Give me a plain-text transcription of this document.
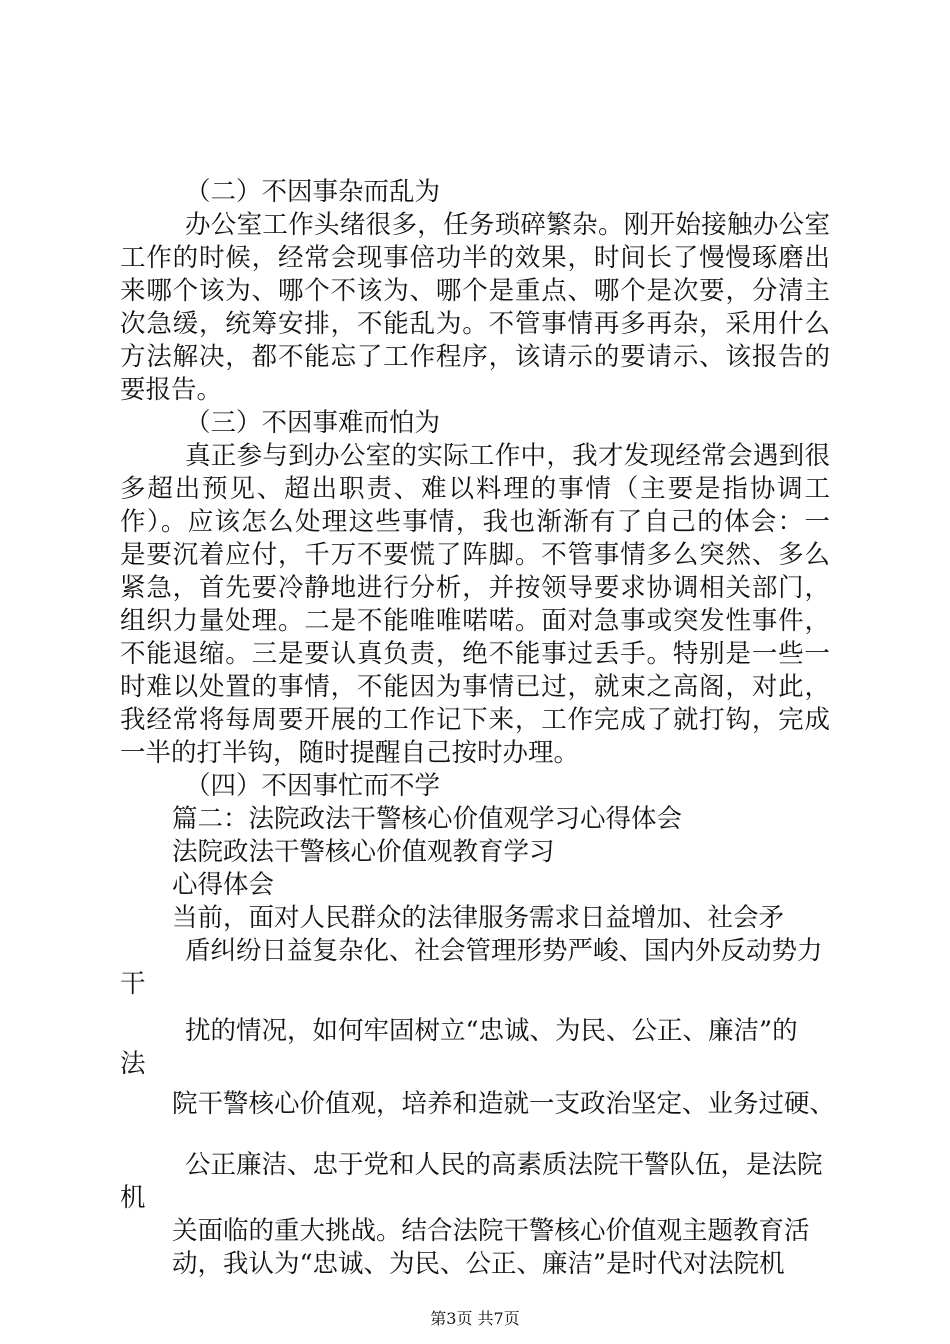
（二）不因事杂而乱为
办公室工作头绪很多，任务琐碎繁杂。刚开始接触办公室
工作的时候，经常会现事倍功半的效果，时间长了慢慢琢磨出
来哪个该为、哪个不该为、哪个是重点、哪个是次要，分清主
次急缓，统筹安排，不能乱为。不管事情再多再杂，采用什么
方法解决，都不能忘了工作程序，该请示的要请示、该报告的
要报告。
（三）不因事难而怕为
真正参与到办公室的实际工作中，我才发现经常会遇到很
多超出预见、超出职责、难以料理的事情（主要是指协调工
作）。应该怎么处理这些事情，我也渐渐有了自己的体会：一
是要沉着应付，千万不要慌了阵脚。不管事情多么突然、多么
紧急，首先要冷静地进行分析，并按领导要求协调相关部门，
组织力量处理。二是不能唯唯喏喏。面对急事或突发性事件，
不能退缩。三是要认真负责，绝不能事过丢手。特别是一些一
时难以处置的事情，不能因为事情已过，就束之高阁，对此，
我经常将每周要开展的工作记下来，工作完成了就打钩，完成
一半的打半钩，随时提醒自己按时办理。
（四）不因事忙而不学
篇二：法院政法干警核心价值观学习心得体会
法院政法干警核心价值观教育学习
心得体会
当前，面对人民群众的法律服务需求日益增加、社会矛
盾纠纷日益复杂化、社会管理形势严峻、国内外反动势力
干
扰的情况，如何牢固树立“忠诚、为民、公正、廉洁”的
法
院干警核心价值观，培养和造就一支政治坚定、业务过硬、
公正廉洁、忠于党和人民的高素质法院干警队伍，是法院
机
关面临的重大挑战。结合法院干警核心价值观主题教育活
动，我认为“忠诚、为民、公正、廉洁”是时代对法院机
第3页 共7页
